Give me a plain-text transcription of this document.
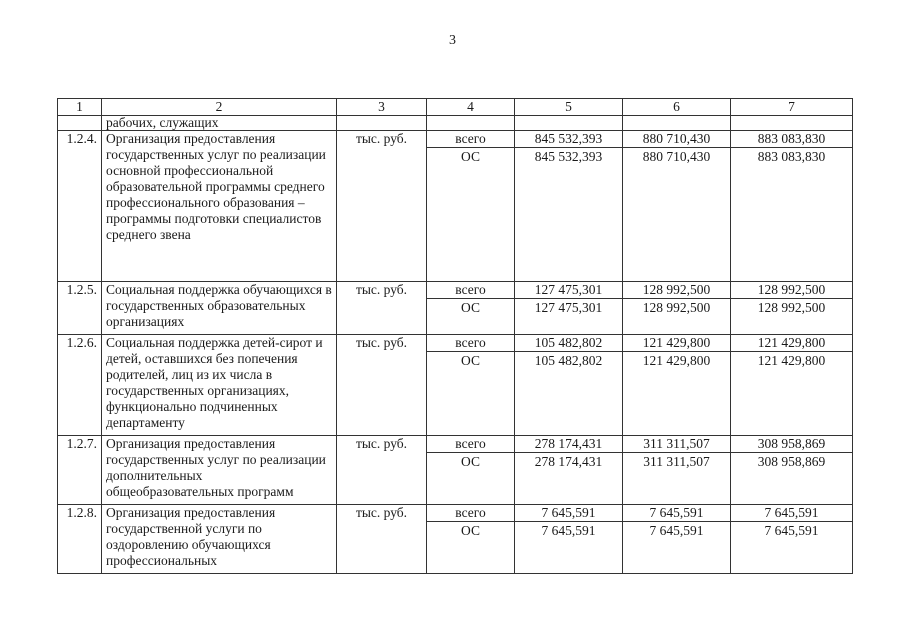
3
1	2	3	4	5	6	7
	рабочих, служащих					
1.2.4.	Организация предоставления государственных услуг по реализации основной профессиональной образовательной программы среднего профессионального образования – программы подготовки специалистов среднего звена	тыс. руб.	всего	845 532,393	880 710,430	883 083,830
			ОС	845 532,393	880 710,430	883 083,830
1.2.5.	Социальная поддержка обучающихся в государственных образовательных организациях	тыс. руб.	всего	127 475,301	128 992,500	128 992,500
			ОС	127 475,301	128 992,500	128 992,500
1.2.6.	Социальная поддержка детей-сирот и детей, оставшихся без попечения родителей, лиц из их числа в государственных организациях, функционально подчиненных департаменту	тыс. руб.	всего	105 482,802	121 429,800	121 429,800
			ОС	105 482,802	121 429,800	121 429,800
1.2.7.	Организация предоставления государственных услуг по реализации дополнительных общеобразовательных программ	тыс. руб.	всего	278 174,431	311 311,507	308 958,869
			ОС	278 174,431	311 311,507	308 958,869
1.2.8.	Организация предоставления государственной услуги по оздоровлению обучающихся профессиональных	тыс. руб.	всего	7 645,591	7 645,591	7 645,591
			ОС	7 645,591	7 645,591	7 645,591
